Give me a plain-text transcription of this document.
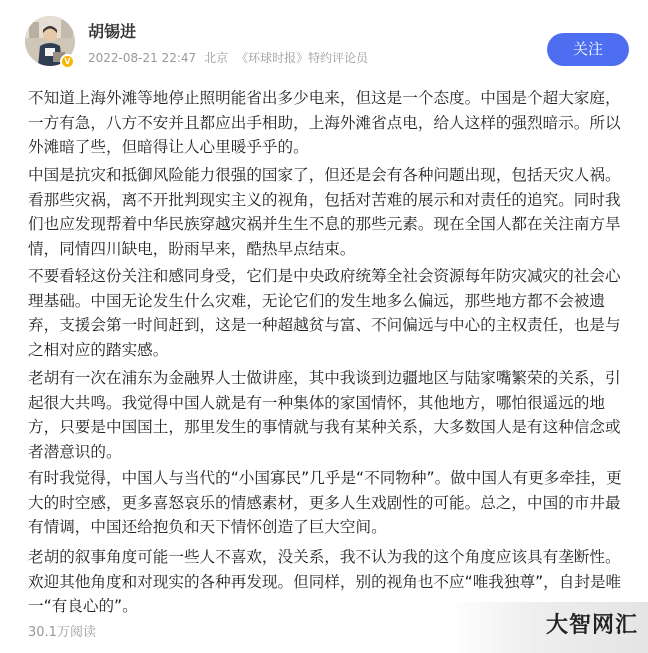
V
胡锡进
2022-08-21 22:47 北京 《环球时报》特约评论员	关注

不知道上海外滩等地停止照明能省出多少电来，但这是一个态度。中国是个超大家庭，一方有急，八方不安并且都应出手相助，上海外滩省点电，给人这样的强烈暗示。所以外滩暗了些，但暗得让人心里暖乎乎的。

中国是抗灾和抵御风险能力很强的国家了，但还是会有各种问题出现，包括天灾人祸。看那些灾祸，离不开批判现实主义的视角，包括对苦难的展示和对责任的追究。同时我们也应发现帮着中华民族穿越灾祸并生生不息的那些元素。现在全国人都在关注南方旱情，同情四川缺电，盼雨早来，酷热早点结束。

不要看轻这份关注和感同身受，它们是中央政府统筹全社会资源每年防灾减灾的社会心理基础。中国无论发生什么灾难，无论它们的发生地多么偏远，那些地方都不会被遗弃，支援会第一时间赶到，这是一种超越贫与富、不问偏远与中心的主权责任，也是与之相对应的踏实感。

老胡有一次在浦东为金融界人士做讲座，其中我谈到边疆地区与陆家嘴繁荣的关系，引起很大共鸣。我觉得中国人就是有一种集体的家国情怀，其他地方，哪怕很遥远的地方，只要是中国国土，那里发生的事情就与我有某种关系，大多数国人是有这种信念或者潜意识的。

有时我觉得，中国人与当代的“小国寡民”几乎是“不同物种”。做中国人有更多牵挂，更大的时空感，更多喜怒哀乐的情感素材，更多人生戏剧性的可能。总之，中国的市井最有情调，中国还给抱负和天下情怀创造了巨大空间。

老胡的叙事角度可能一些人不喜欢，没关系，我不认为我的这个角度应该具有垄断性。欢迎其他角度和对现实的各种再发现。但同样，别的视角也不应“唯我独尊”，自封是唯一“有良心的”。

30.1万阅读	大智网汇
